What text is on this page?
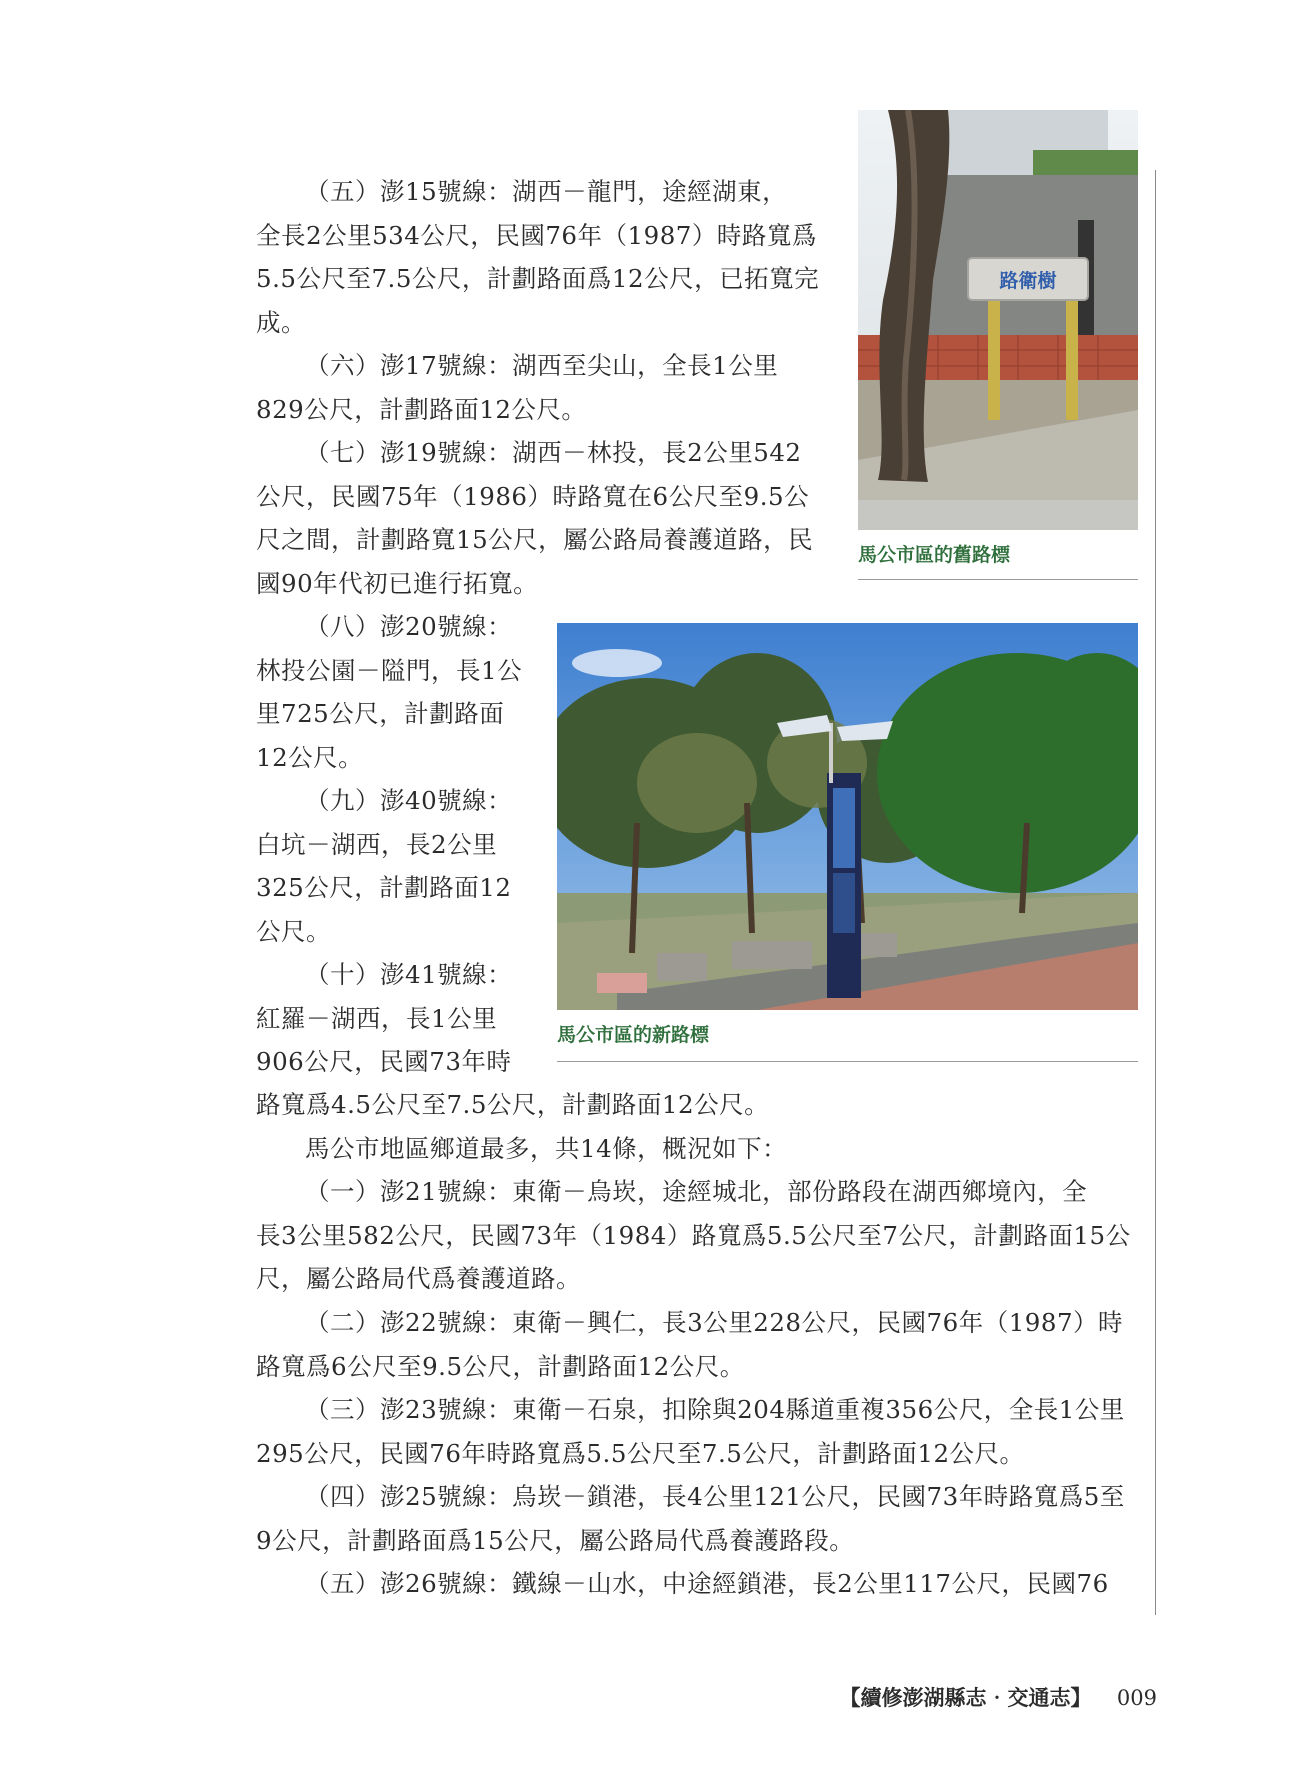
（五）澎15號線：湖西－龍門，途經湖東，
全長2公里534公尺，民國76年（1987）時路寬爲
5.5公尺至7.5公尺，計劃路面爲12公尺，已拓寬完
成。
（六）澎17號線：湖西至尖山，全長1公里
829公尺，計劃路面12公尺。
（七）澎19號線：湖西－林投，長2公里542
公尺，民國75年（1986）時路寬在6公尺至9.5公
尺之間，計劃路寬15公尺，屬公路局養護道路，民
國90年代初已進行拓寬。
（八）澎20號線：
林投公園－隘門，長1公
里725公尺，計劃路面
12公尺。
（九）澎40號線：
白坑－湖西，長2公里
325公尺，計劃路面12
公尺。
（十）澎41號線：
紅羅－湖西，長1公里
906公尺，民國73年時
路寬爲4.5公尺至7.5公尺，計劃路面12公尺。
馬公市地區鄉道最多，共14條，概況如下：
（一）澎21號線：東衛－烏崁，途經城北，部份路段在湖西鄉境內，全
長3公里582公尺，民國73年（1984）路寬爲5.5公尺至7公尺，計劃路面15公
尺，屬公路局代爲養護道路。
（二）澎22號線：東衛－興仁，長3公里228公尺，民國76年（1987）時
路寬爲6公尺至9.5公尺，計劃路面12公尺。
（三）澎23號線：東衛－石泉，扣除與204縣道重複356公尺，全長1公里
295公尺，民國76年時路寬爲5.5公尺至7.5公尺，計劃路面12公尺。
（四）澎25號線：烏崁－鎖港，長4公里121公尺，民國73年時路寬爲5至
9公尺，計劃路面爲15公尺，屬公路局代爲養護路段。
（五）澎26號線：鐵線－山水，中途經鎖港，長2公里117公尺，民國76
路衛樹
馬公市區的舊路標
馬公市區的新路標
【續修澎湖縣志‧交通志】 009
